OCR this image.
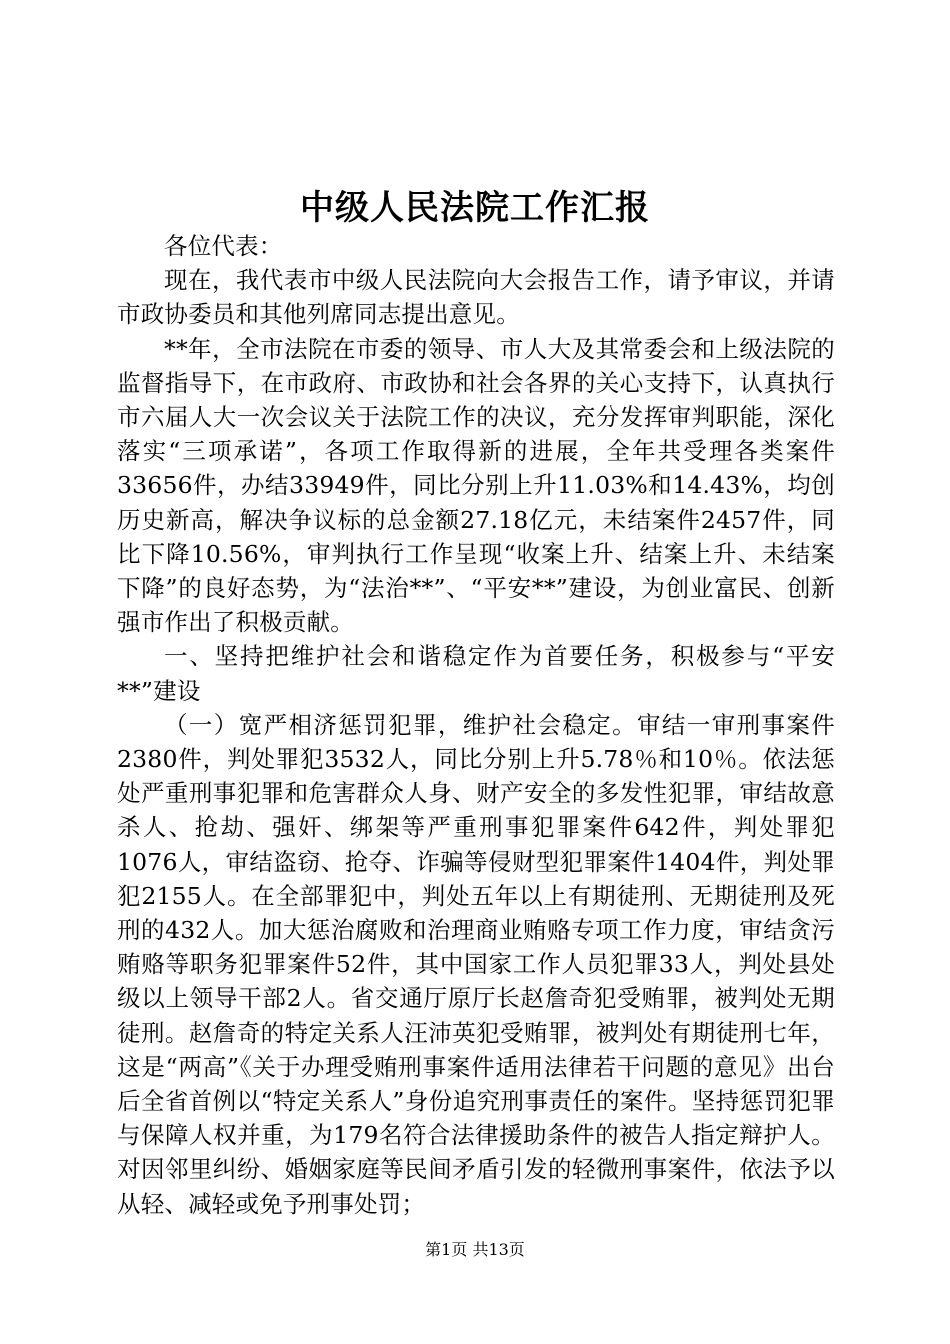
中级人民法院工作汇报

各位代表：

现在，我代表市中级人民法院向大会报告工作，请予审议，并请市政协委员和其他列席同志提出意见。

**年，全市法院在市委的领导、市人大及其常委会和上级法院的监督指导下，在市政府、市政协和社会各界的关心支持下，认真执行市六届人大一次会议关于法院工作的决议，充分发挥审判职能，深化落实“三项承诺”，各项工作取得新的进展，全年共受理各类案件33656件，办结33949件，同比分别上升11.03%和14.43%，均创历史新高，解决争议标的总金额27.18亿元，未结案件2457件，同比下降10.56%，审判执行工作呈现“收案上升、结案上升、未结案下降”的良好态势，为“法治**”、“平安**”建设，为创业富民、创新强市作出了积极贡献。

一、坚持把维护社会和谐稳定作为首要任务，积极参与“平安**”建设

（一）宽严相济惩罚犯罪，维护社会稳定。审结一审刑事案件2380件，判处罪犯3532人，同比分别上升5.78％和10％。依法惩处严重刑事犯罪和危害群众人身、财产安全的多发性犯罪，审结故意杀人、抢劫、强奸、绑架等严重刑事犯罪案件642件，判处罪犯1076人，审结盗窃、抢夺、诈骗等侵财型犯罪案件1404件，判处罪犯2155人。在全部罪犯中，判处五年以上有期徒刑、无期徒刑及死刑的432人。加大惩治腐败和治理商业贿赂专项工作力度，审结贪污贿赂等职务犯罪案件52件，其中国家工作人员犯罪33人，判处县处级以上领导干部2人。省交通厅原厅长赵詹奇犯受贿罪，被判处无期徒刑。赵詹奇的特定关系人汪沛英犯受贿罪，被判处有期徒刑七年，这是“两高”《关于办理受贿刑事案件适用法律若干问题的意见》出台后全省首例以“特定关系人”身份追究刑事责任的案件。坚持惩罚犯罪与保障人权并重，为179名符合法律援助条件的被告人指定辩护人。对因邻里纠纷、婚姻家庭等民间矛盾引发的轻微刑事案件，依法予以从轻、减轻或免予刑事处罚；

第1页 共13页
